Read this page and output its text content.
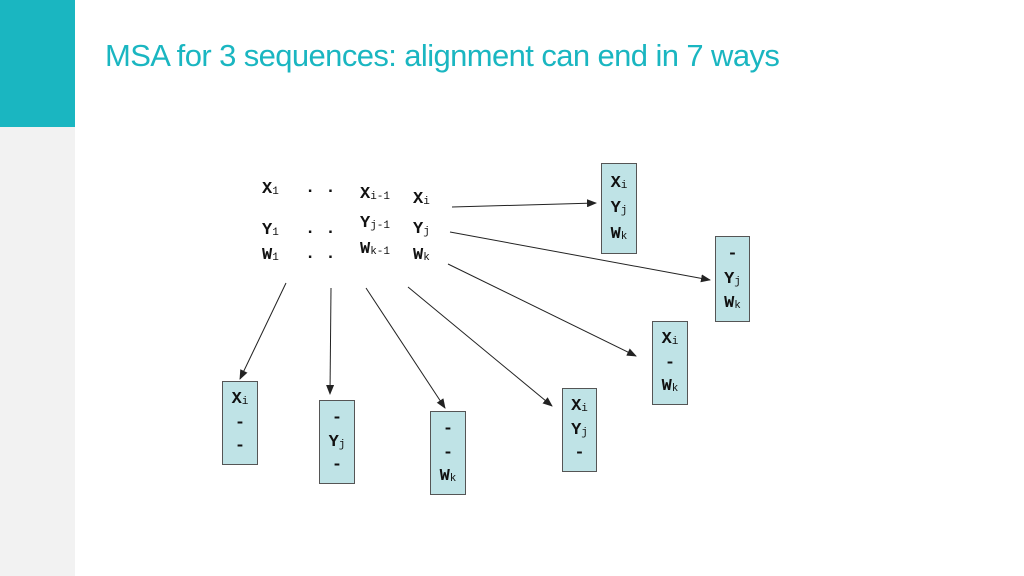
MSA for 3 sequences: alignment can end in 7 ways
$X_1$ . . $X_{i-1}$ $X_i$
$Y_1$ . . $Y_{j-1}$ $Y_j$
$W_1$ . . $W_{k-1}$ $W_k$
$X_i$
$Y_j$
$W_k$
-
$Y_j$
$W_k$
$X_i$
-
$W_k$
$X_i$
$Y_j$
-
-
-
$W_k$
-
$Y_j$
-
$X_i$
-
-
